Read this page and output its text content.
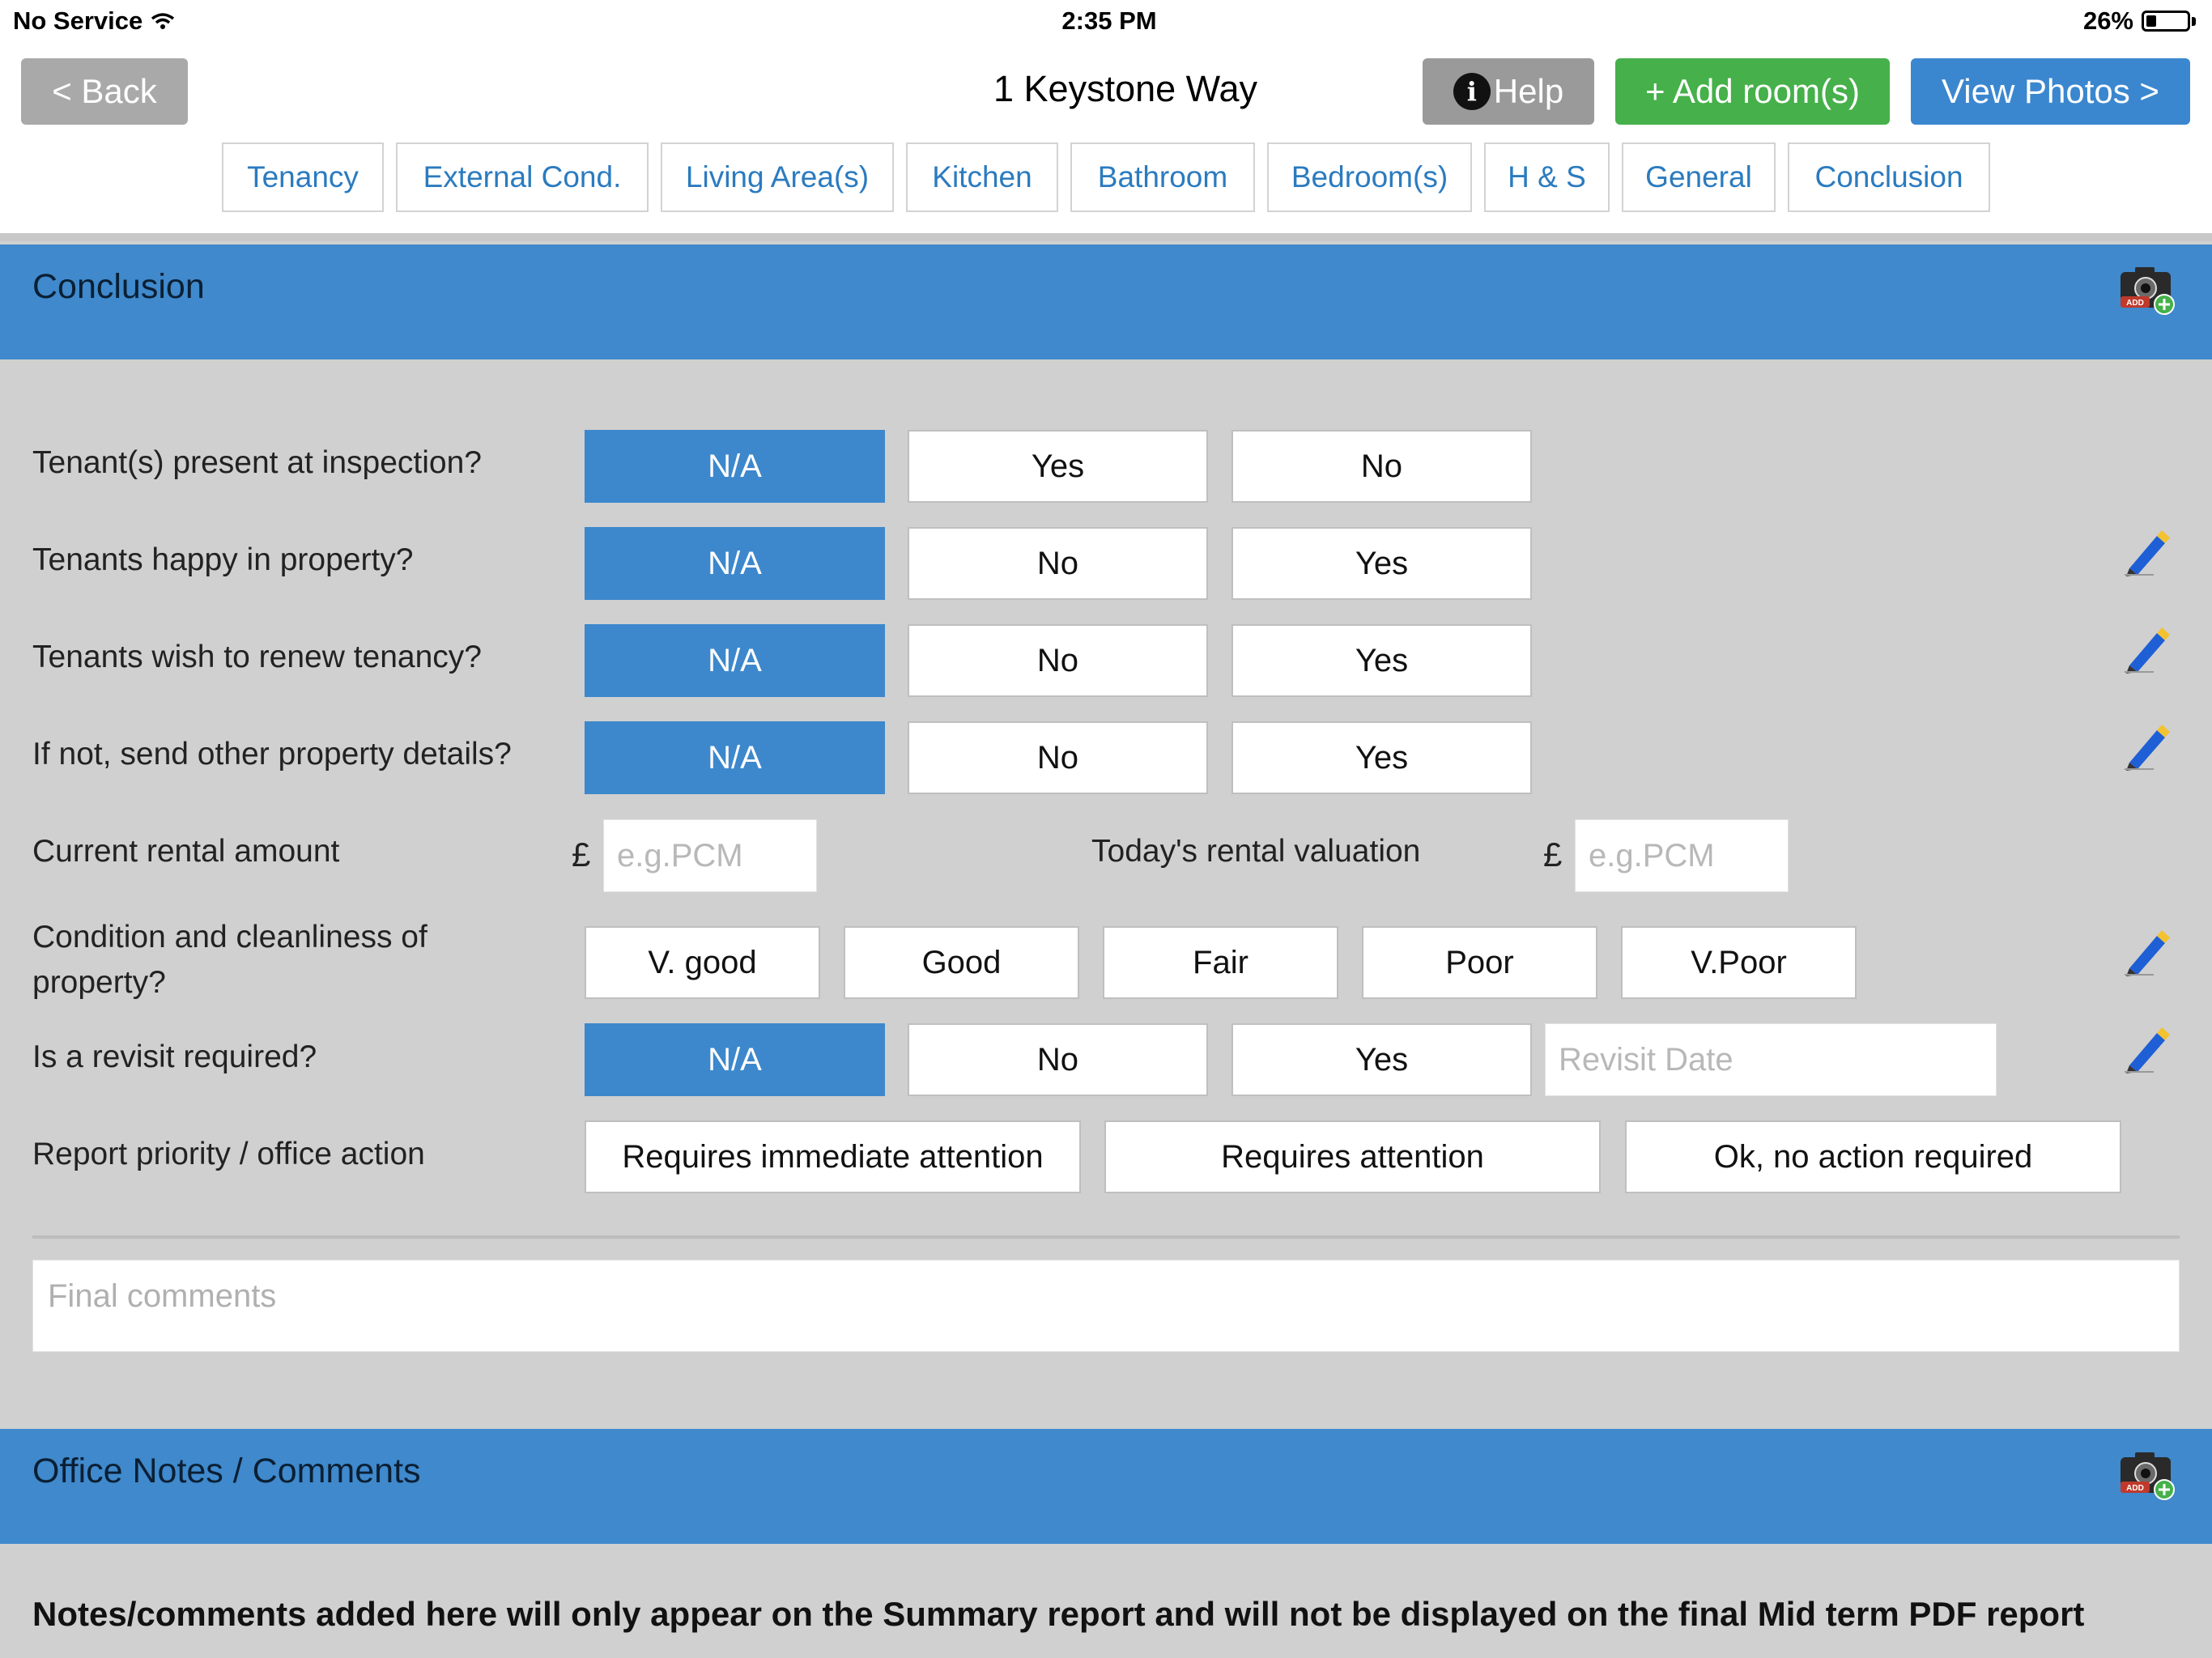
No Service	2:35 PM	26%
< Back	1 Keystone Way	i Help	+ Add room(s)	View Photos >
Tenancy	External Cond.	Living Area(s)	Kitchen	Bathroom	Bedroom(s)	H & S	General	Conclusion
Conclusion	ADD
Tenant(s) present at inspection?	N/A	Yes	No
Tenants happy in property?	N/A	No	Yes
Tenants wish to renew tenancy?	N/A	No	Yes
If not, send other property details?	N/A	No	Yes
Current rental amount	£ e.g.PCM	Today's rental valuation	£ e.g.PCM
Condition and cleanliness of
property?
V. good	Good	Fair	Poor	V.Poor
Is a revisit required?	N/A	No	Yes	Revisit Date
Report priority / office action	Requires immediate attention	Requires attention	Ok, no action required
Final comments
Office Notes / Comments	ADD
Notes/comments added here will only appear on the Summary report and will not be displayed on the final Mid term PDF report
